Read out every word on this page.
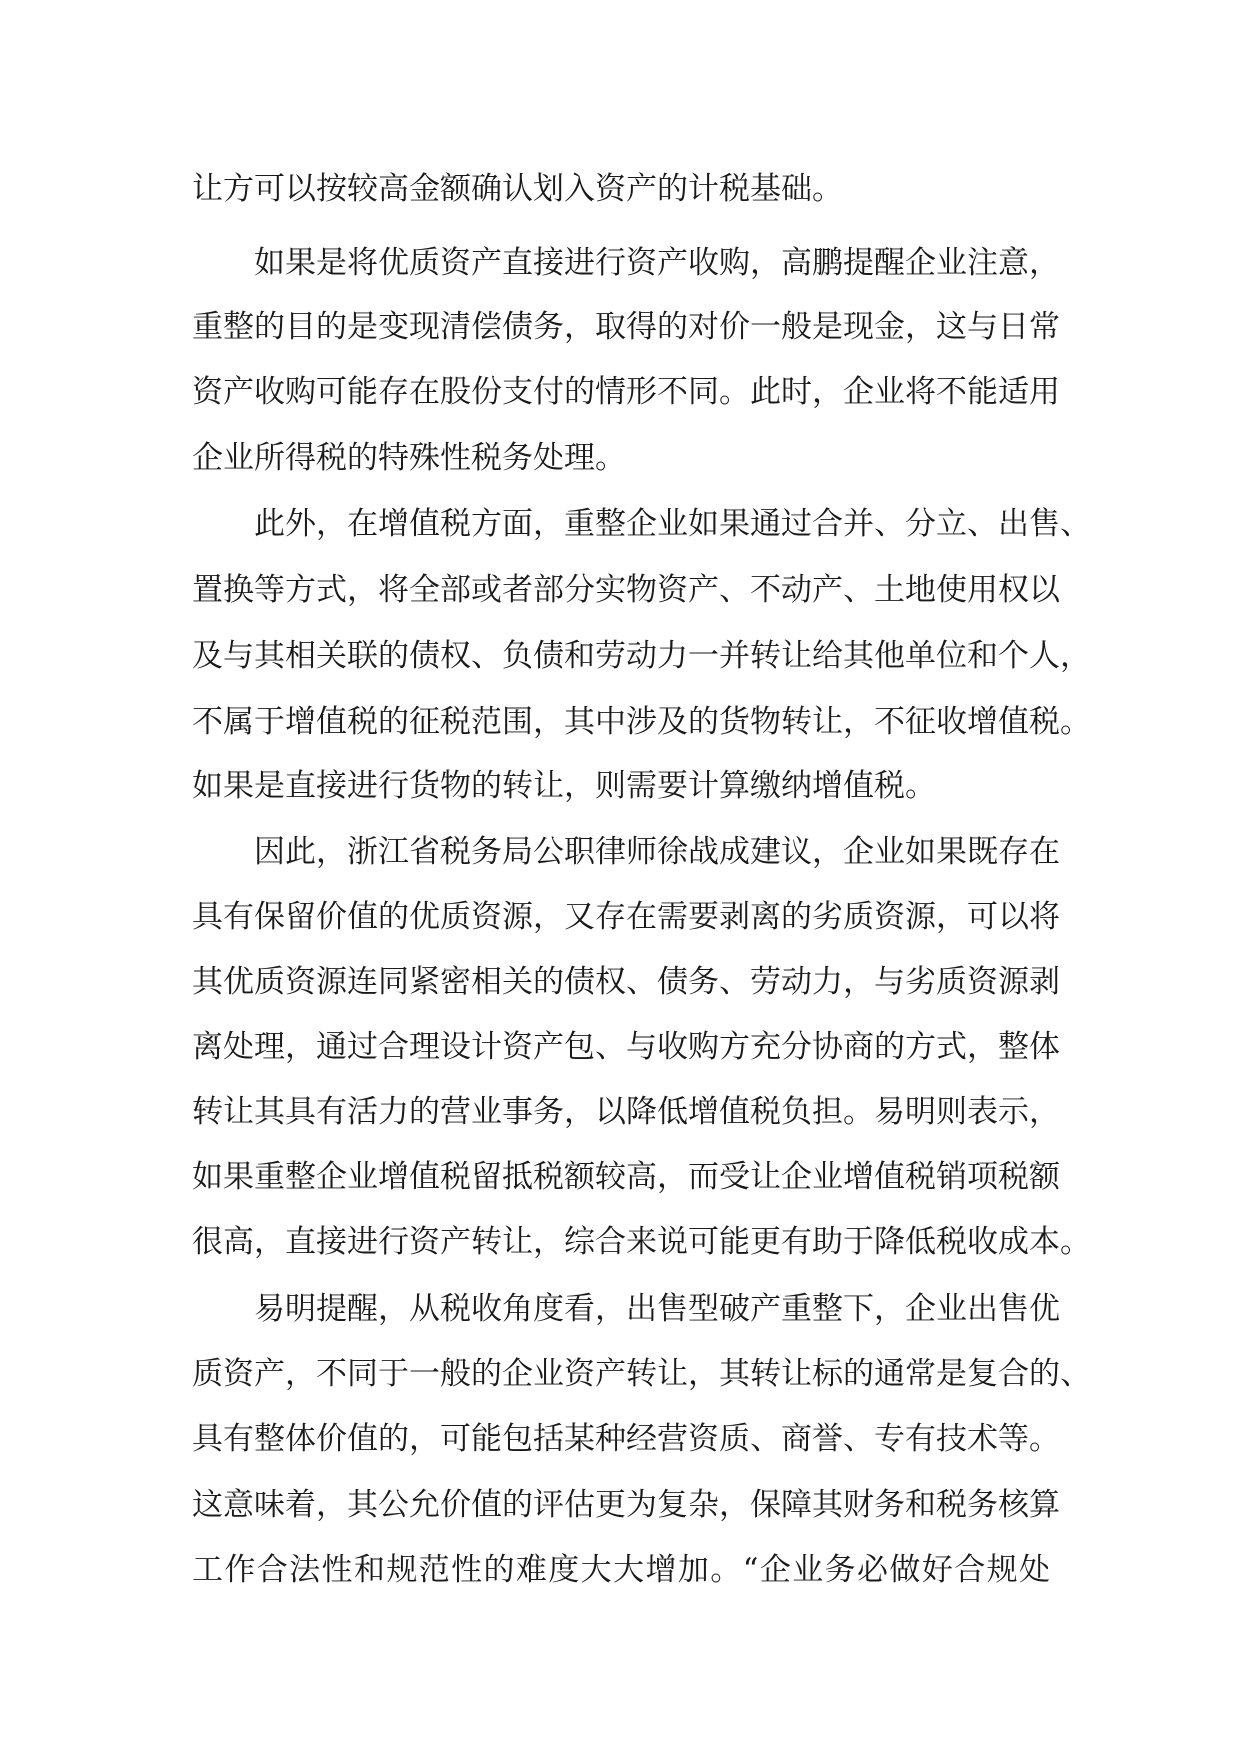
让方可以按较高金额确认划入资产的计税基础。
如果是将优质资产直接进行资产收购，高鹏提醒企业注意，
重整的目的是变现清偿债务，取得的对价一般是现金，这与日常
资产收购可能存在股份支付的情形不同。此时，企业将不能适用
企业所得税的特殊性税务处理。
此外，在增值税方面，重整企业如果通过合并、分立、出售、
置换等方式，将全部或者部分实物资产、不动产、土地使用权以
及与其相关联的债权、负债和劳动力一并转让给其他单位和个人，
不属于增值税的征税范围，其中涉及的货物转让，不征收增值税。
如果是直接进行货物的转让，则需要计算缴纳增值税。
因此，浙江省税务局公职律师徐战成建议，企业如果既存在
具有保留价值的优质资源，又存在需要剥离的劣质资源，可以将
其优质资源连同紧密相关的债权、债务、劳动力，与劣质资源剥
离处理，通过合理设计资产包、与收购方充分协商的方式，整体
转让其具有活力的营业事务，以降低增值税负担。易明则表示，
如果重整企业增值税留抵税额较高，而受让企业增值税销项税额
很高，直接进行资产转让，综合来说可能更有助于降低税收成本。
易明提醒，从税收角度看，出售型破产重整下，企业出售优
质资产，不同于一般的企业资产转让，其转让标的通常是复合的、
具有整体价值的，可能包括某种经营资质、商誉、专有技术等。
这意味着，其公允价值的评估更为复杂，保障其财务和税务核算
工作合法性和规范性的难度大大增加。“企业务必做好合规处
